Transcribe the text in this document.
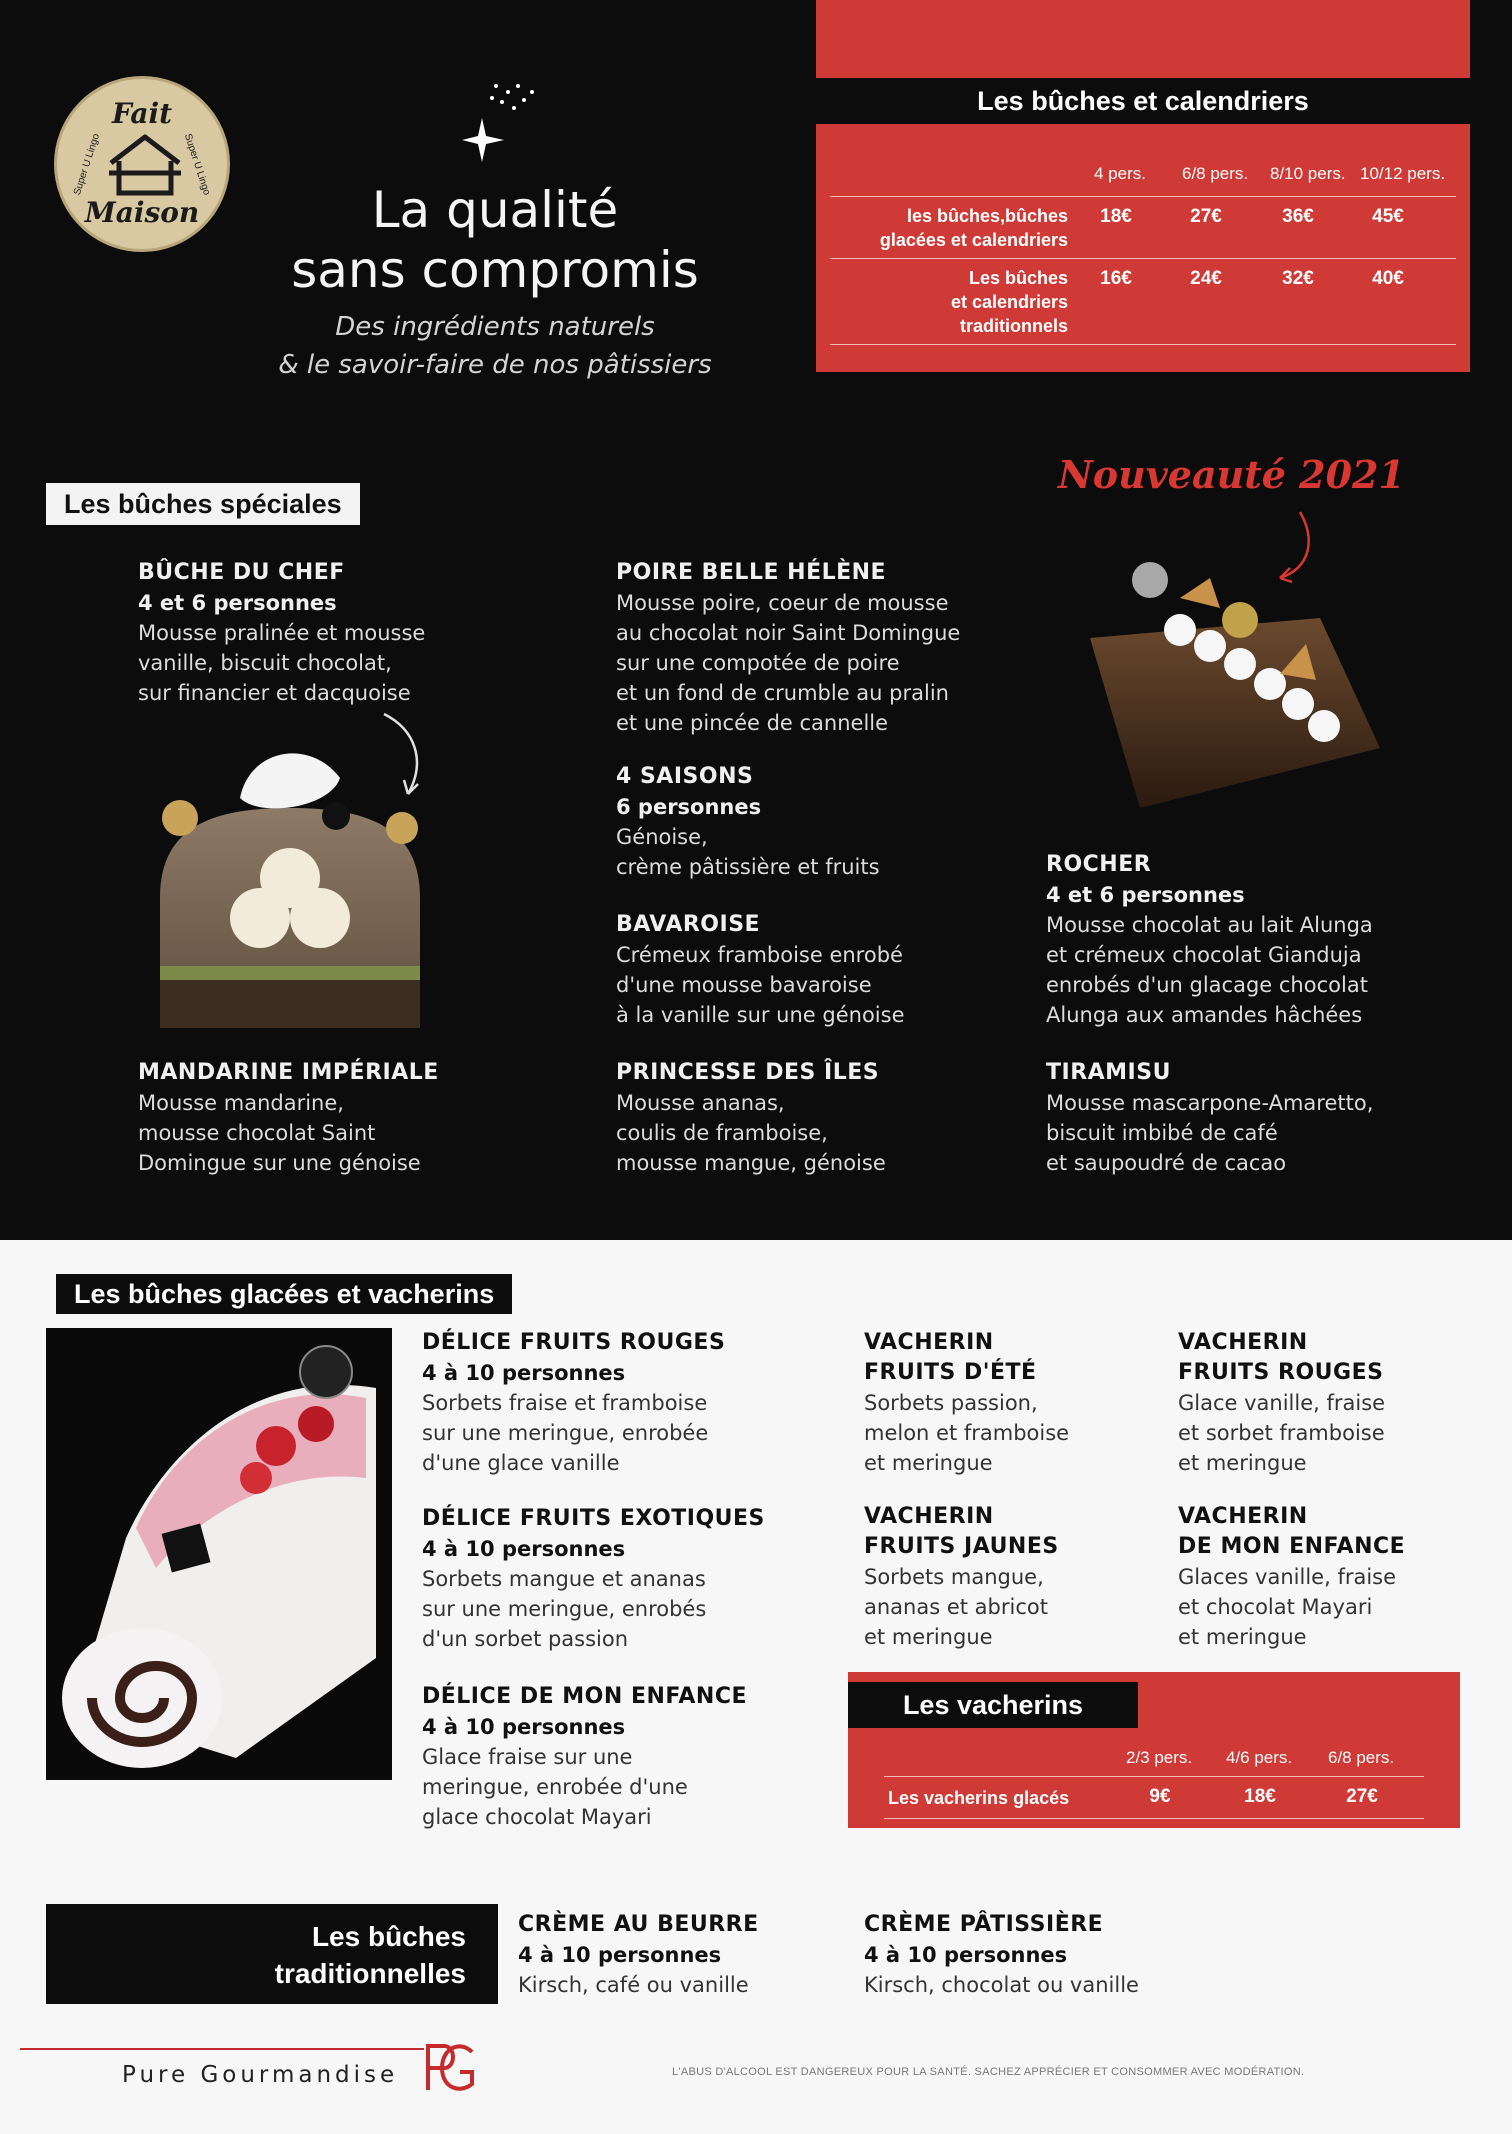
Fait
Super U Lingo	Super U Lingo
Maison	La qualité
sans compromis
Des ingrédients naturels
& le savoir-faire de nos pâtissiers
Les bûches et calendriers
4 pers. 6/8 pers. 8/10 pers. 10/12 pers.
les bûches,bûches
glacées et calendriers
18€	27€	36€	45€
Les bûches
et calendriers
traditionnels
16€	24€	32€	40€
Les bûches spéciales
Nouveauté 2021
BÛCHE DU CHEF
4 et 6 personnes
Mousse pralinée et mousse
vanille, biscuit chocolat,
sur financier et dacquoise
POIRE BELLE HÉLÈNE
Mousse poire, coeur de mousse
au chocolat noir Saint Domingue
sur une compotée de poire
et un fond de crumble au pralin
et une pincée de cannelle
4 SAISONS
6 personnes
Génoise,
crème pâtissière et fruits
BAVAROISE
Crémeux framboise enrobé
d'une mousse bavaroise
à la vanille sur une génoise
ROCHER
4 et 6 personnes
Mousse chocolat au lait Alunga
et crémeux chocolat Gianduja
enrobés d'un glacage chocolat
Alunga aux amandes hâchées
MANDARINE IMPÉRIALE
Mousse mandarine,
mousse chocolat Saint
Domingue sur une génoise
PRINCESSE DES ÎLES
Mousse ananas,
coulis de framboise,
mousse mangue, génoise
TIRAMISU
Mousse mascarpone-Amaretto,
biscuit imbibé de café
et saupoudré de cacao
Les bûches glacées et vacherins
DÉLICE FRUITS ROUGES
4 à 10 personnes
Sorbets fraise et framboise
sur une meringue, enrobée
d'une glace vanille
DÉLICE FRUITS EXOTIQUES
4 à 10 personnes
Sorbets mangue et ananas
sur une meringue, enrobés
d'un sorbet passion
DÉLICE DE MON ENFANCE
4 à 10 personnes
Glace fraise sur une
meringue, enrobée d'une
glace chocolat Mayari
VACHERIN
FRUITS D'ÉTÉ
Sorbets passion,
melon et framboise
et meringue
VACHERIN
FRUITS ROUGES
Glace vanille, fraise
et sorbet framboise
et meringue
VACHERIN
FRUITS JAUNES
Sorbets mangue,
ananas et abricot
et meringue
VACHERIN
DE MON ENFANCE
Glaces vanille, fraise
et chocolat Mayari
et meringue
Les vacherins
2/3 pers. 4/6 pers. 6/8 pers.
Les vacherins glacés	9€	18€	27€
Les bûches
traditionnelles
CRÈME AU BEURRE
4 à 10 personnes
Kirsch, café ou vanille
CRÈME PÂTISSIÈRE
4 à 10 personnes
Kirsch, chocolat ou vanille
Pure Gourmandise	L'ABUS D'ALCOOL EST DANGEREUX POUR LA SANTÉ. SACHEZ APPRÉCIER ET CONSOMMER AVEC MODÉRATION.
